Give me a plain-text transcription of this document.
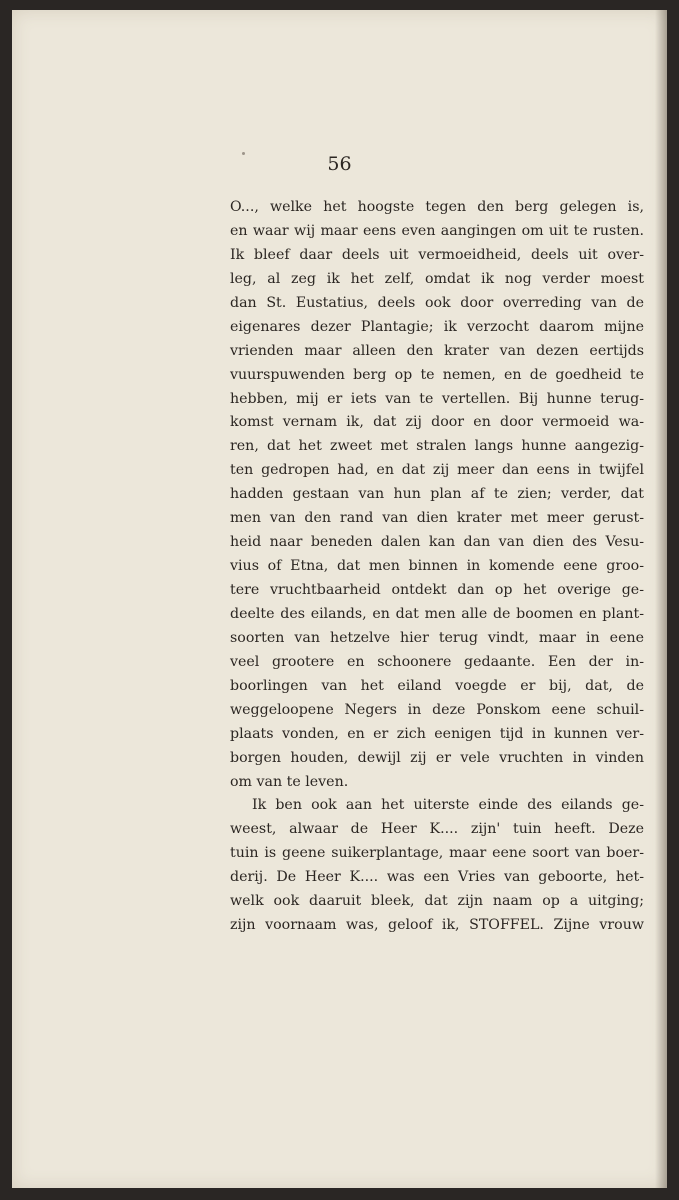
56
O..., welke het hoogste tegen den berg gelegen is,
en waar wij maar eens even aangingen om uit te rusten.
Ik bleef daar deels uit vermoeidheid, deels uit over-
leg, al zeg ik het zelf, omdat ik nog verder moest
dan St. Eustatius, deels ook door overreding van de
eigenares dezer Plantagie; ik verzocht daarom mijne
vrienden maar alleen den krater van dezen eertijds
vuurspuwenden berg op te nemen, en de goedheid te
hebben, mij er iets van te vertellen. Bij hunne terug-
komst vernam ik, dat zij door en door vermoeid wa-
ren, dat het zweet met stralen langs hunne aangezig-
ten gedropen had, en dat zij meer dan eens in twijfel
hadden gestaan van hun plan af te zien; verder, dat
men van den rand van dien krater met meer gerust-
heid naar beneden dalen kan dan van dien des Vesu-
vius of Etna, dat men binnen in komende eene groo-
tere vruchtbaarheid ontdekt dan op het overige ge-
deelte des eilands, en dat men alle de boomen en plant-
soorten van hetzelve hier terug vindt, maar in eene
veel grootere en schoonere gedaante. Een der in-
boorlingen van het eiland voegde er bij, dat, de
weggeloopene Negers in deze Ponskom eene schuil-
plaats vonden, en er zich eenigen tijd in kunnen ver-
borgen houden, dewijl zij er vele vruchten in vinden
om van te leven.
Ik ben ook aan het uiterste einde des eilands ge-
weest, alwaar de Heer K.... zijn' tuin heeft. Deze
tuin is geene suikerplantage, maar eene soort van boer-
derij. De Heer K.... was een Vries van geboorte, het-
welk ook daaruit bleek, dat zijn naam op a uitging;
zijn voornaam was, geloof ik, STOFFEL. Zijne vrouw
